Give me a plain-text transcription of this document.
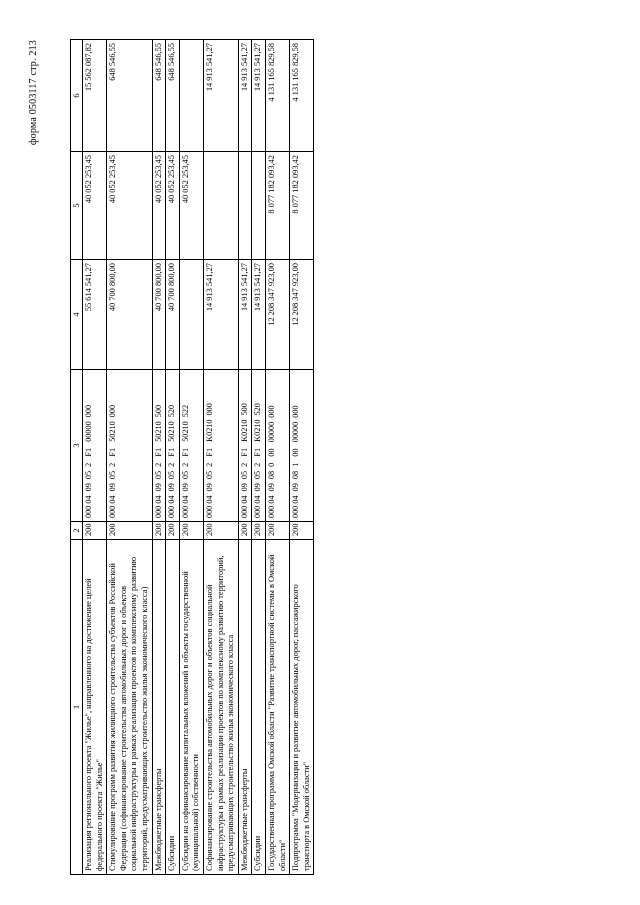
форма 0503117 стр. 213
1	2	3	4	5	6
Реализация регионального проекта "Жилье", направленного на достижение целей федерального проекта "Жилье"	200	000 04  09  05  2   F1   00000  000	55 614 541,27	40 052 253,45	15 562 087,82
Стимулирование программ развития жилищного строительства субъектов Российской Федерации (софинансирование строительства автомобильных дорог и объектов социальной инфраструктуры в рамках реализации проектов по комплексному развитию территорий, предусматривающих строительство жилья экономического класса)	200	000 04  09  05  2   F1   50210  000	40 700 800,00	40 052 253,45	648 546,55
Межбюджетные трансферты	200	000 04  09  05  2   F1   50210  500	40 700 800,00	40 052 253,45	648 546,55
Субсидии	200	000 04  09  05  2   F1   50210  520	40 700 800,00	40 052 253,45	648 546,55
Субсидии на софинансирование капитальных вложений в объекты государственной (муниципальной) собственности	200	000 04  09  05  2   F1   50210  522		40 052 253,45	
Софинансирование строительства автомобильных дорог и объектов социальной инфраструктуры в рамках реализации проектов по комплексному развитию территорий, предусматривающих строительство жилья экономического класса	200	000 04  09  05  2   F1   K0210  000	14 913 541,27		14 913 541,27
Межбюджетные трансферты	200	000 04  09  05  2   F1   K0210  500	14 913 541,27		14 913 541,27
Субсидии	200	000 04  09  05  2   F1   K0210  520	14 913 541,27		14 913 541,27
Государственная программа Омской области "Развитие транспортной системы в Омской области"	200	000 04  09  08  0   00   00000  000	12 208 347 923,00	8 077 182 093,42	4 131 165 829,58
Подпрограмма "Модернизация и развитие автомобильных дорог, пассажирского транспорта в Омской области"	200	000 04  09  08  1   00   00000  000	12 208 347 923,00	8 077 182 093,42	4 131 165 829,58
